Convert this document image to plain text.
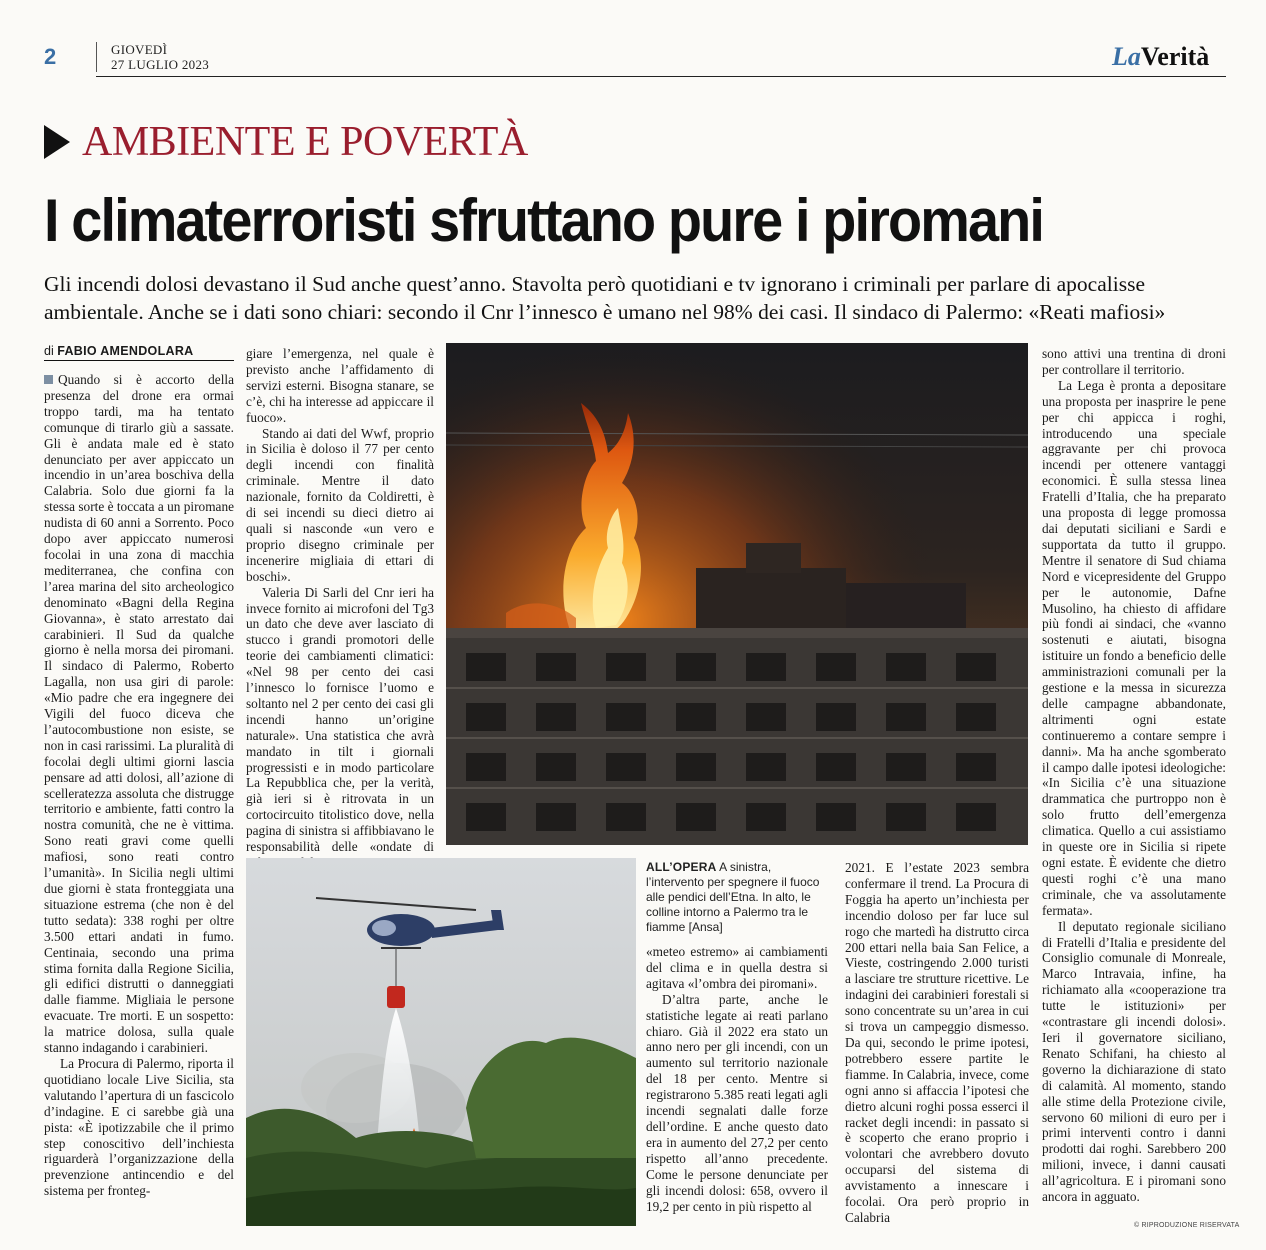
2	GIOVEDÌ
27 LUGLIO 2023	LaVerità
AMBIENTE E POVERTÀ
I climaterroristi sfruttano pure i piromani
Gli incendi dolosi devastano il Sud anche quest’anno. Stavolta però quotidiani e tv ignorano i criminali per parlare di apocalisse ambientale. Anche se i dati sono chiari: secondo il Cnr l’innesco è umano nel 98% dei casi. Il sindaco di Palermo: «Reati mafiosi»
di FABIO AMENDOLARA

Quando si è accorto della presenza del drone era ormai troppo tardi, ma ha tentato comunque di tirarlo giù a sassate. Gli è andata male ed è stato denunciato per aver appiccato un incendio in un’area boschiva della Calabria. Solo due giorni fa la stessa sorte è toccata a un piromane nudista di 60 anni a Sorrento. Poco dopo aver appiccato numerosi focolai in una zona di macchia mediterranea, che confina con l’area marina del sito archeologico denominato «Bagni della Regina Giovanna», è stato arrestato dai carabinieri. Il Sud da qualche giorno è nella morsa dei piromani. Il sindaco di Palermo, Roberto Lagalla, non usa giri di parole: «Mio padre che era ingegnere dei Vigili del fuoco diceva che l’autocombustione non esiste, se non in casi rarissimi. La pluralità di focolai degli ultimi giorni lascia pensare ad atti dolosi, all’azione di scelleratezza assoluta che distrugge territorio e ambiente, fatti contro la nostra comunità, che ne è vittima. Sono reati gravi come quelli mafiosi, sono reati contro l’umanità». In Sicilia negli ultimi due giorni è stata fronteggiata una situazione estrema (che non è del tutto sedata): 338 roghi per oltre 3.500 ettari andati in fumo. Centinaia, secondo una prima stima fornita dalla Regione Sicilia, gli edifici distrutti o danneggiati dalle fiamme. Migliaia le persone evacuate. Tre morti. E un sospetto: la matrice dolosa, sulla quale stanno indagando i carabinieri.

La Procura di Palermo, riporta il quotidiano locale Live Sicilia, sta valutando l’apertura di un fascicolo d’indagine. E ci sarebbe già una pista: «È ipotizzabile che il primo step conoscitivo dell’inchiesta riguarderà l’organizzazione della prevenzione antincendio e del sistema per fronteg-

giare l’emergenza, nel quale è previsto anche l’affidamento di servizi esterni. Bisogna stanare, se c’è, chi ha interesse ad appiccare il fuoco».

Stando ai dati del Wwf, proprio in Sicilia è doloso il 77 per cento degli incendi con finalità criminale. Mentre il dato nazionale, fornito da Coldiretti, è di sei incendi su dieci dietro ai quali si nasconde «un vero e proprio disegno criminale per incenerire migliaia di ettari di boschi».

Valeria Di Sarli del Cnr ieri ha invece fornito ai microfoni del Tg3 un dato che deve aver lasciato di stucco i grandi promotori delle teorie dei cambiamenti climatici: «Nel 98 per cento dei casi l’innesco lo fornisce l’uomo e soltanto nel 2 per cento dei casi gli incendi hanno un’origine naturale». Una statistica che avrà mandato in tilt i giornali progressisti e in modo particolare La Repubblica che, per la verità, già ieri si è ritrovata in un cortocircuito titolistico dove, nella pagina di sinistra si affibbiavano le responsabilità delle «ondate di

ALL’OPERA A sinistra, l’intervento per spegnere il fuoco alle pendici dell’Etna. In alto, le colline intorno a Palermo tra le fiamme [Ansa]

«meteo estremo» ai cambiamenti del clima e in quella destra si agitava «l’ombra dei piromani».

D’altra parte, anche le statistiche legate ai reati parlano chiaro. Già il 2022 era stato un anno nero per gli incendi, con un aumento sul territorio nazionale del 18 per cento. Mentre si registrarono 5.385 reati legati agli incendi segnalati dalle forze dell’ordine. E anche questo dato era in aumento del 27,2 per cento rispetto all’anno precedente. Come le persone denunciate per gli incendi dolosi: 658, ovvero il 19,2 per cento in più rispetto al

2021. E l’estate 2023 sembra confermare il trend. La Procura di Foggia ha aperto un’inchiesta per incendio doloso per far luce sul rogo che martedì ha distrutto circa 200 ettari nella baia San Felice, a Vieste, costringendo 2.000 turisti a lasciare tre strutture ricettive. Le indagini dei carabinieri forestali si sono concentrate su un’area in cui si trova un campeggio dismesso. Da qui, secondo le prime ipotesi, potrebbero essere partite le fiamme. In Calabria, invece, come ogni anno si affaccia l’ipotesi che dietro alcuni roghi possa esserci il racket degli incendi: in passato si è scoperto che erano proprio i volontari che avrebbero dovuto occuparsi del sistema di avvistamento a innescare i focolai. Ora però proprio in Calabria

sono attivi una trentina di droni per controllare il territorio.

La Lega è pronta a depositare una proposta per inasprire le pene per chi appicca i roghi, introducendo una speciale aggravante per chi provoca incendi per ottenere vantaggi economici. È sulla stessa linea Fratelli d’Italia, che ha preparato una proposta di legge promossa dai deputati siciliani e Sardi e supportata da tutto il gruppo. Mentre il senatore di Sud chiama Nord e vicepresidente del Gruppo per le autonomie, Dafne Musolino, ha chiesto di affidare più fondi ai sindaci, che «vanno sostenuti e aiutati, bisogna istituire un fondo a beneficio delle amministrazioni comunali per la gestione e la messa in sicurezza delle campagne abbandonate, altrimenti ogni estate continueremo a contare sempre i danni». Ma ha anche sgomberato il campo dalle ipotesi ideologiche: «In Sicilia c’è una situazione drammatica che purtroppo non è solo frutto dell’emergenza climatica. Quello a cui assistiamo in queste ore in Sicilia si ripete ogni estate. È evidente che dietro questi roghi c’è una mano criminale, che va assolutamente fermata».

Il deputato regionale siciliano di Fratelli d’Italia e presidente del Consiglio comunale di Monreale, Marco Intravaia, infine, ha richiamato alla «cooperazione tra tutte le istituzioni» per «contrastare gli incendi dolosi». Ieri il governatore siciliano, Renato Schifani, ha chiesto al governo la dichiarazione di stato di calamità. Al momento, stando alle stime della Protezione civile, servono 60 milioni di euro per i primi interventi contro i danni prodotti dai roghi. Sarebbero 200 milioni, invece, i danni causati all’agricoltura. E i piromani sono ancora in agguato.

© RIPRODUZIONE RISERVATA
